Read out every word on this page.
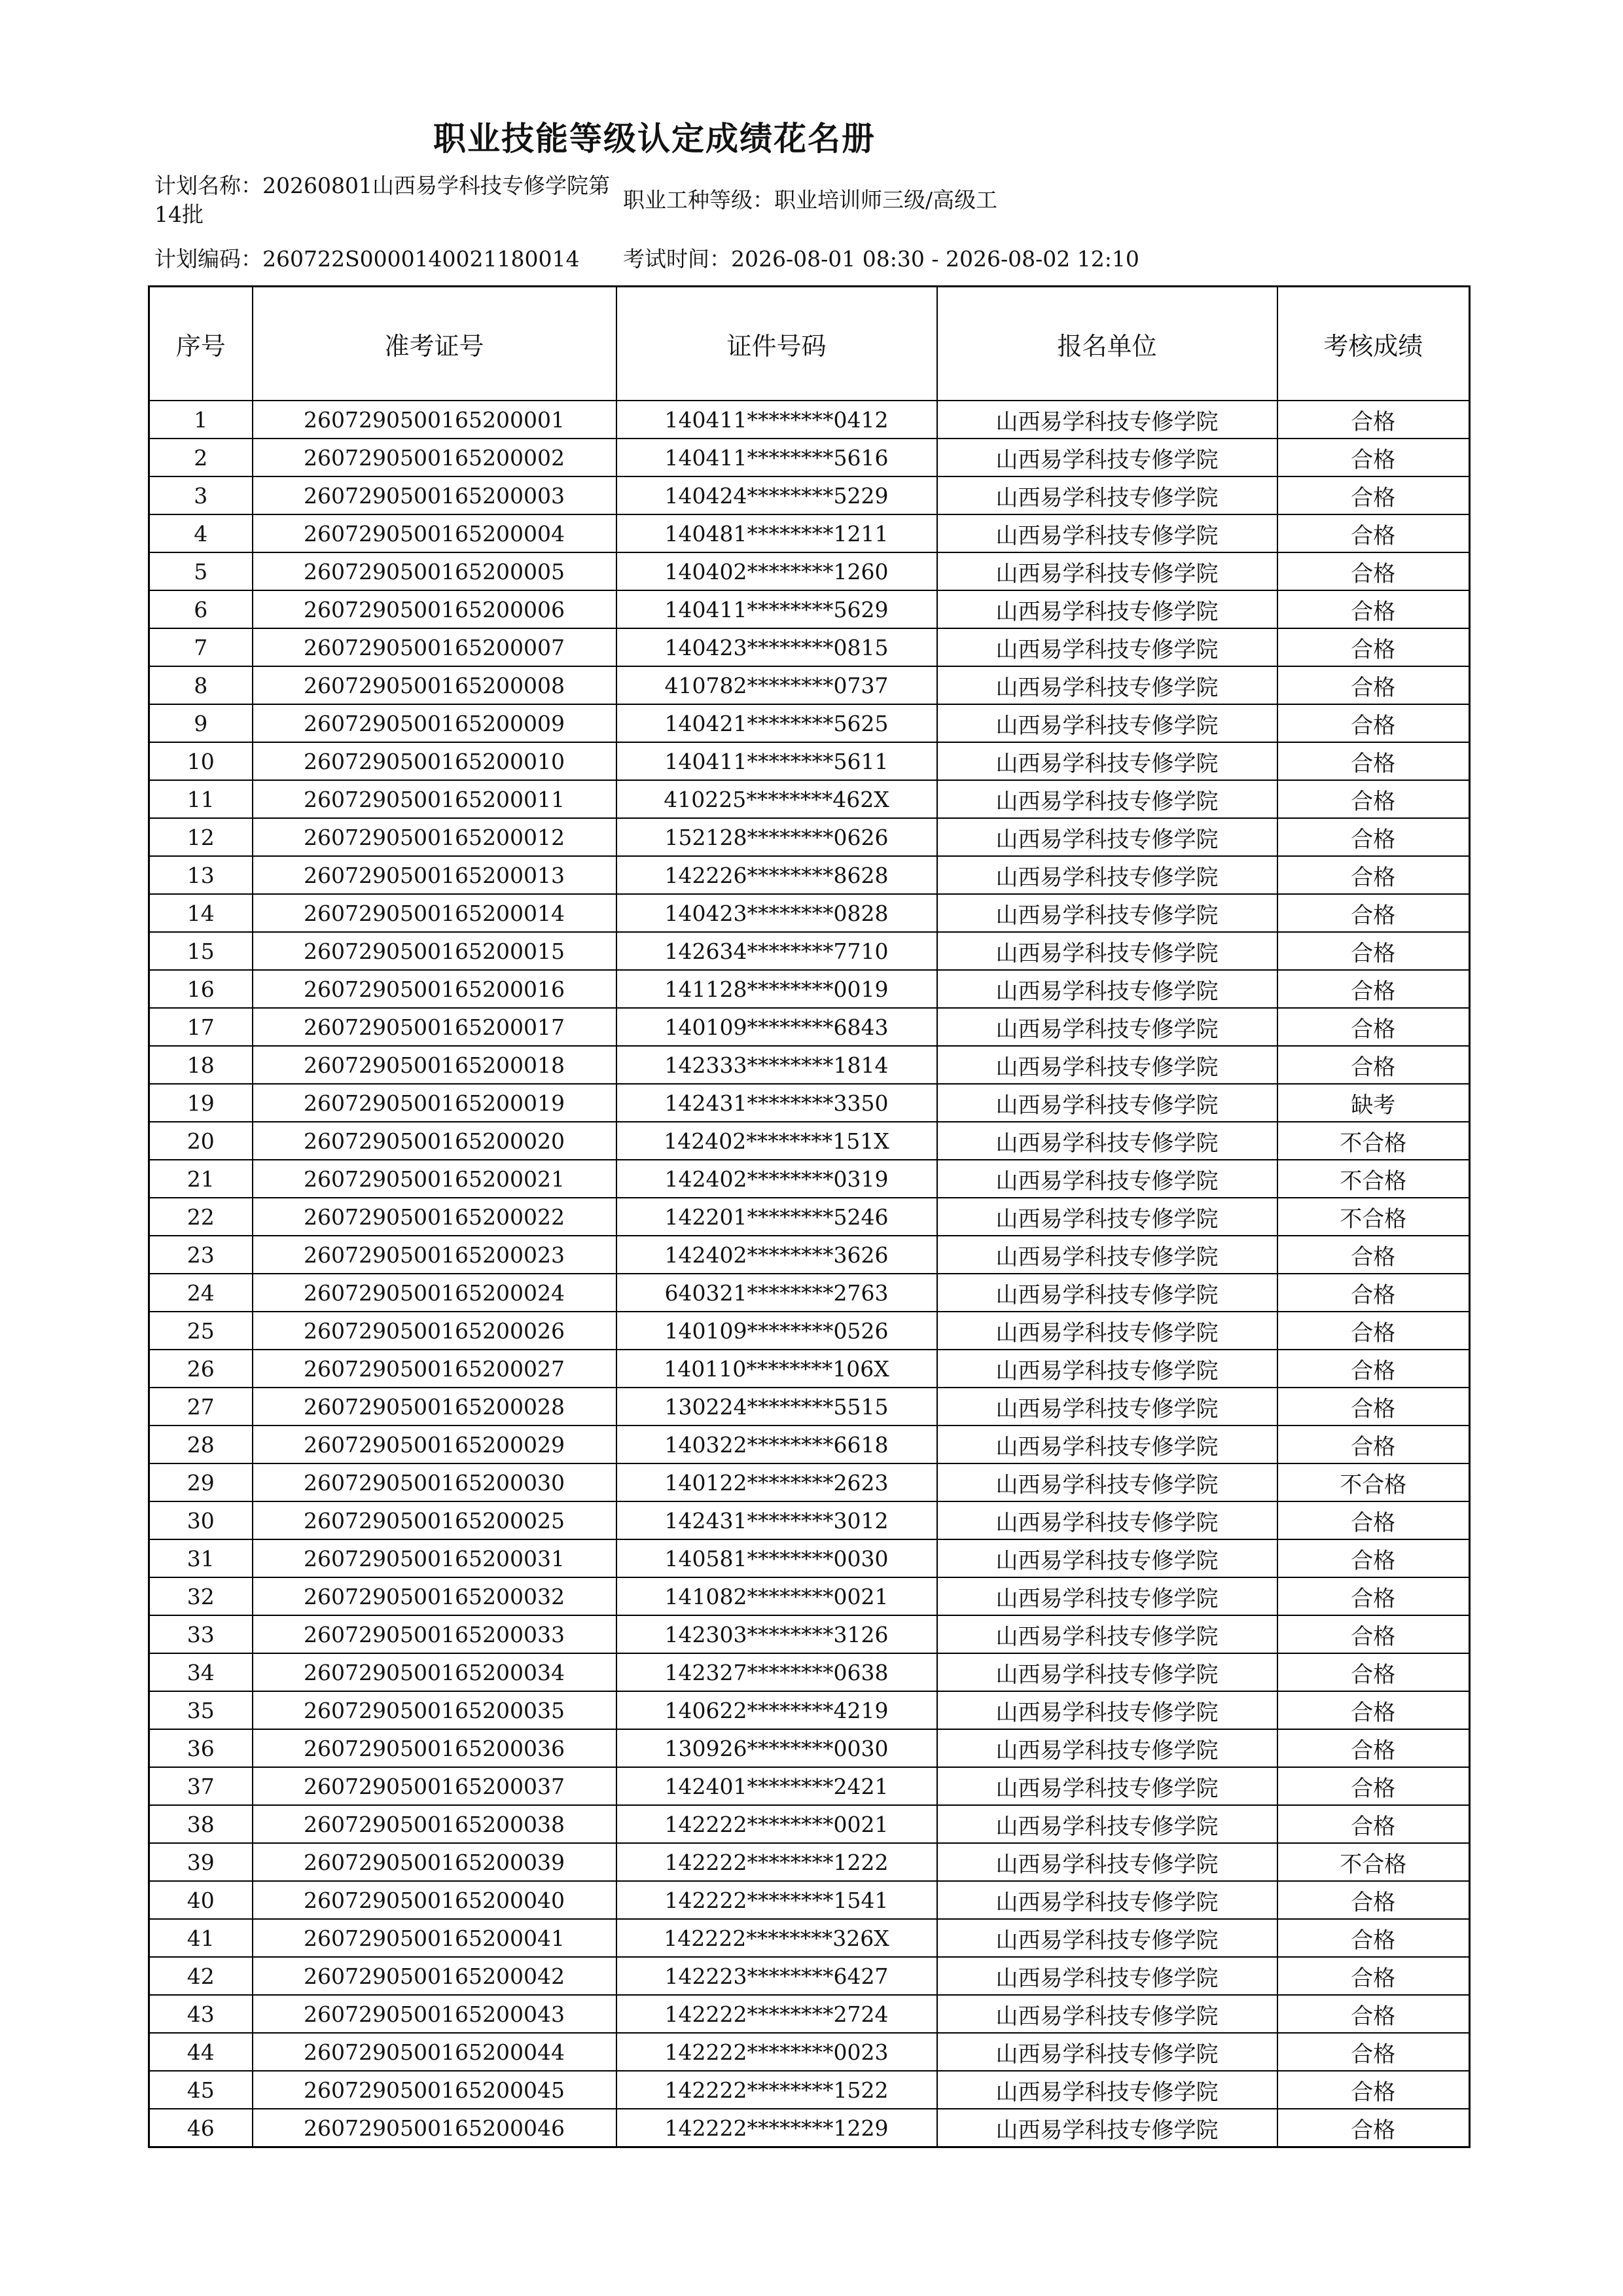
职业技能等级认定成绩花名册
计划名称：20260801山西易学科技专修学院第14批
职业工种等级：职业培训师三级/高级工
计划编码：260722S0000140021180014 考试时间：2026-08-01 08:30 - 2026-08-02 12:10
序号	准考证号	证件号码	报名单位	考核成绩
1	2607290500165200001	140411********0412	山西易学科技专修学院	合格
2	2607290500165200002	140411********5616	山西易学科技专修学院	合格
3	2607290500165200003	140424********5229	山西易学科技专修学院	合格
4	2607290500165200004	140481********1211	山西易学科技专修学院	合格
5	2607290500165200005	140402********1260	山西易学科技专修学院	合格
6	2607290500165200006	140411********5629	山西易学科技专修学院	合格
7	2607290500165200007	140423********0815	山西易学科技专修学院	合格
8	2607290500165200008	410782********0737	山西易学科技专修学院	合格
9	2607290500165200009	140421********5625	山西易学科技专修学院	合格
10	2607290500165200010	140411********5611	山西易学科技专修学院	合格
11	2607290500165200011	410225********462X	山西易学科技专修学院	合格
12	2607290500165200012	152128********0626	山西易学科技专修学院	合格
13	2607290500165200013	142226********8628	山西易学科技专修学院	合格
14	2607290500165200014	140423********0828	山西易学科技专修学院	合格
15	2607290500165200015	142634********7710	山西易学科技专修学院	合格
16	2607290500165200016	141128********0019	山西易学科技专修学院	合格
17	2607290500165200017	140109********6843	山西易学科技专修学院	合格
18	2607290500165200018	142333********1814	山西易学科技专修学院	合格
19	2607290500165200019	142431********3350	山西易学科技专修学院	缺考
20	2607290500165200020	142402********151X	山西易学科技专修学院	不合格
21	2607290500165200021	142402********0319	山西易学科技专修学院	不合格
22	2607290500165200022	142201********5246	山西易学科技专修学院	不合格
23	2607290500165200023	142402********3626	山西易学科技专修学院	合格
24	2607290500165200024	640321********2763	山西易学科技专修学院	合格
25	2607290500165200026	140109********0526	山西易学科技专修学院	合格
26	2607290500165200027	140110********106X	山西易学科技专修学院	合格
27	2607290500165200028	130224********5515	山西易学科技专修学院	合格
28	2607290500165200029	140322********6618	山西易学科技专修学院	合格
29	2607290500165200030	140122********2623	山西易学科技专修学院	不合格
30	2607290500165200025	142431********3012	山西易学科技专修学院	合格
31	2607290500165200031	140581********0030	山西易学科技专修学院	合格
32	2607290500165200032	141082********0021	山西易学科技专修学院	合格
33	2607290500165200033	142303********3126	山西易学科技专修学院	合格
34	2607290500165200034	142327********0638	山西易学科技专修学院	合格
35	2607290500165200035	140622********4219	山西易学科技专修学院	合格
36	2607290500165200036	130926********0030	山西易学科技专修学院	合格
37	2607290500165200037	142401********2421	山西易学科技专修学院	合格
38	2607290500165200038	142222********0021	山西易学科技专修学院	合格
39	2607290500165200039	142222********1222	山西易学科技专修学院	不合格
40	2607290500165200040	142222********1541	山西易学科技专修学院	合格
41	2607290500165200041	142222********326X	山西易学科技专修学院	合格
42	2607290500165200042	142223********6427	山西易学科技专修学院	合格
43	2607290500165200043	142222********2724	山西易学科技专修学院	合格
44	2607290500165200044	142222********0023	山西易学科技专修学院	合格
45	2607290500165200045	142222********1522	山西易学科技专修学院	合格
46	2607290500165200046	142222********1229	山西易学科技专修学院	合格
